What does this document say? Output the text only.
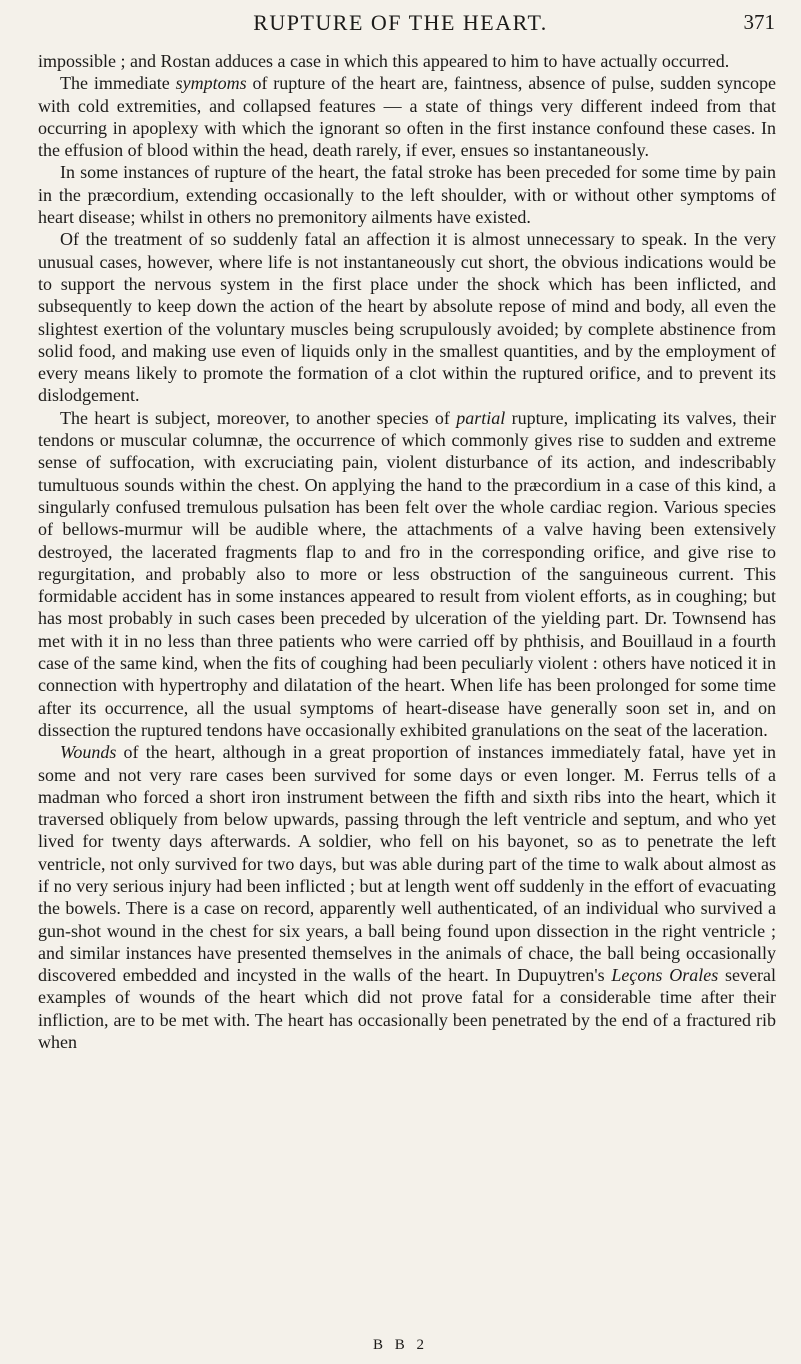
RUPTURE OF THE HEART.	371

impossible ; and Rostan adduces a case in which this appeared to him to have actually occurred.

The immediate symptoms of rupture of the heart are, faintness, absence of pulse, sudden syncope with cold extremities, and collapsed features — a state of things very different indeed from that occurring in apoplexy with which the ignorant so often in the first instance confound these cases. In the effusion of blood within the head, death rarely, if ever, ensues so instantaneously.

In some instances of rupture of the heart, the fatal stroke has been preceded for some time by pain in the præcordium, extending occasionally to the left shoulder, with or without other symptoms of heart disease; whilst in others no premonitory ailments have existed.

Of the treatment of so suddenly fatal an affection it is almost unnecessary to speak. In the very unusual cases, however, where life is not instantaneously cut short, the obvious indications would be to support the nervous system in the first place under the shock which has been inflicted, and subsequently to keep down the action of the heart by absolute repose of mind and body, all even the slightest exertion of the voluntary muscles being scrupulously avoided; by complete abstinence from solid food, and making use even of liquids only in the smallest quantities, and by the employment of every means likely to promote the formation of a clot within the ruptured orifice, and to prevent its dislodgement.

The heart is subject, moreover, to another species of partial rupture, implicating its valves, their tendons or muscular columnæ, the occurrence of which commonly gives rise to sudden and extreme sense of suffocation, with excruciating pain, violent disturbance of its action, and indescribably tumultuous sounds within the chest. On applying the hand to the præcordium in a case of this kind, a singularly confused tremulous pulsation has been felt over the whole cardiac region. Various species of bellows-murmur will be audible where, the attachments of a valve having been extensively destroyed, the lacerated fragments flap to and fro in the corresponding orifice, and give rise to regurgitation, and probably also to more or less obstruction of the sanguineous current. This formidable accident has in some instances appeared to result from violent efforts, as in coughing; but has most probably in such cases been preceded by ulceration of the yielding part. Dr. Townsend has met with it in no less than three patients who were carried off by phthisis, and Bouillaud in a fourth case of the same kind, when the fits of coughing had been peculiarly violent : others have noticed it in connection with hypertrophy and dilatation of the heart. When life has been prolonged for some time after its occurrence, all the usual symptoms of heart-disease have generally soon set in, and on dissection the ruptured tendons have occasionally exhibited granulations on the seat of the laceration.

Wounds of the heart, although in a great proportion of instances immediately fatal, have yet in some and not very rare cases been survived for some days or even longer. M. Ferrus tells of a madman who forced a short iron instrument between the fifth and sixth ribs into the heart, which it traversed obliquely from below upwards, passing through the left ventricle and septum, and who yet lived for twenty days afterwards. A soldier, who fell on his bayonet, so as to penetrate the left ventricle, not only survived for two days, but was able during part of the time to walk about almost as if no very serious injury had been inflicted ; but at length went off suddenly in the effort of evacuating the bowels. There is a case on record, apparently well authenticated, of an individual who survived a gun-shot wound in the chest for six years, a ball being found upon dissection in the right ventricle ; and similar instances have presented themselves in the animals of chace, the ball being occasionally discovered embedded and incysted in the walls of the heart. In Dupuytren's Leçons Orales several examples of wounds of the heart which did not prove fatal for a considerable time after their infliction, are to be met with. The heart has occasionally been penetrated by the end of a fractured rib when

B B 2
